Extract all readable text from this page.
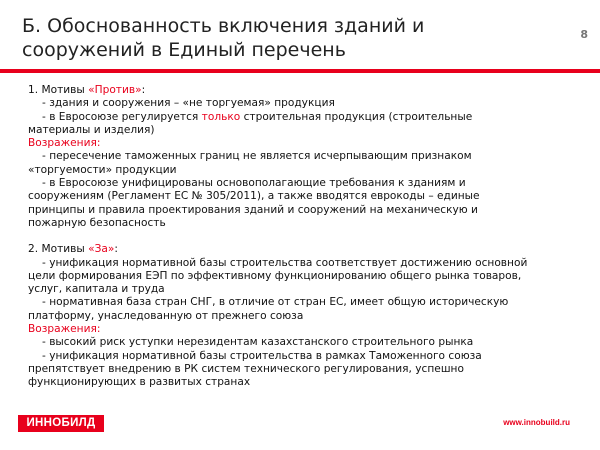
Б. Обоснованность включения зданий и сооружений в Единый перечень
8
1. Мотивы «Против»:
- здания и сооружения – «не торгуемая» продукция
- в Евросоюзе регулируется только строительная продукция (строительные
материалы и изделия)
Возражения:
- пересечение таможенных границ не является исчерпывающим признаком
«торгуемости» продукции
- в Евросоюзе унифицированы основополагающие требования к зданиям и
сооружениям (Регламент ЕС № 305/2011), а также вводятся еврокоды – единые
принципы и правила проектирования зданий и сооружений на механическую и
пожарную безопасность
2. Мотивы «За»:
- унификация нормативной базы строительства соответствует достижению основной
цели формирования ЕЭП по эффективному функционированию общего рынка товаров,
услуг, капитала и труда
- нормативная база стран СНГ, в отличие от стран ЕС, имеет общую историческую
платформу, унаследованную от прежнего союза
Возражения:
- высокий риск уступки нерезидентам казахстанского строительного рынка
- унификация нормативной базы строительства в рамках Таможенного союза
препятствует внедрению в РК систем технического регулирования, успешно
функционирующих в развитых странах
ИННОБИЛД	www.innobuild.ru
